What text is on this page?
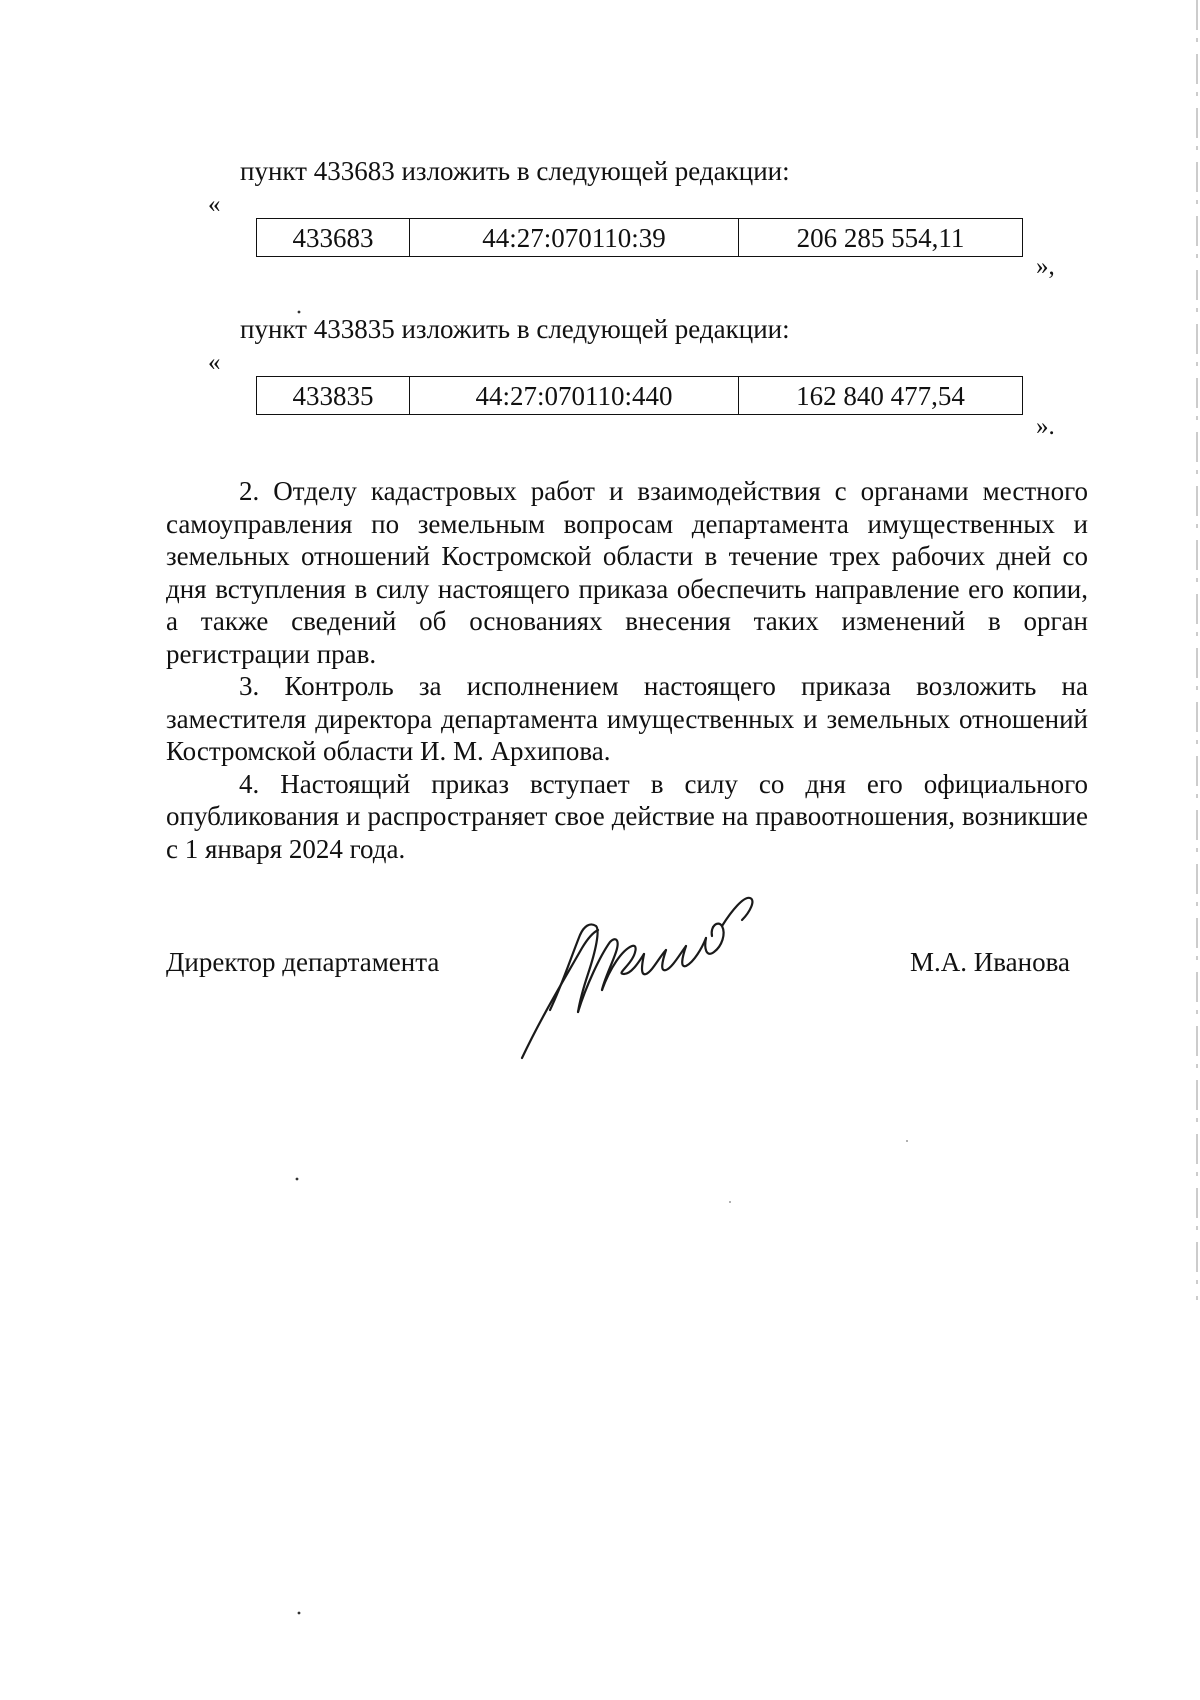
пункт 433683 изложить в следующей редакции:
«
433683	44:27:070110:39	206 285 554,11
»,
пункт 433835 изложить в следующей редакции:
«
433835	44:27:070110:440	162 840 477,54
».

2. Отделу кадастровых работ и взаимодействия с органами местного самоуправления по земельным вопросам департамента имущественных и земельных отношений Костромской области в течение трех рабочих дней со дня вступления в силу настоящего приказа обеспечить направление его копии, а также сведений об основаниях внесения таких изменений в орган регистрации прав.

3. Контроль за исполнением настоящего приказа возложить на заместителя директора департамента имущественных и земельных отношений Костромской области И. М. Архипова.

4. Настоящий приказ вступает в силу со дня его официального опубликования и распространяет свое действие на правоотношения, возникшие с 1 января 2024 года.

Директор департамента	М.А. Иванова
